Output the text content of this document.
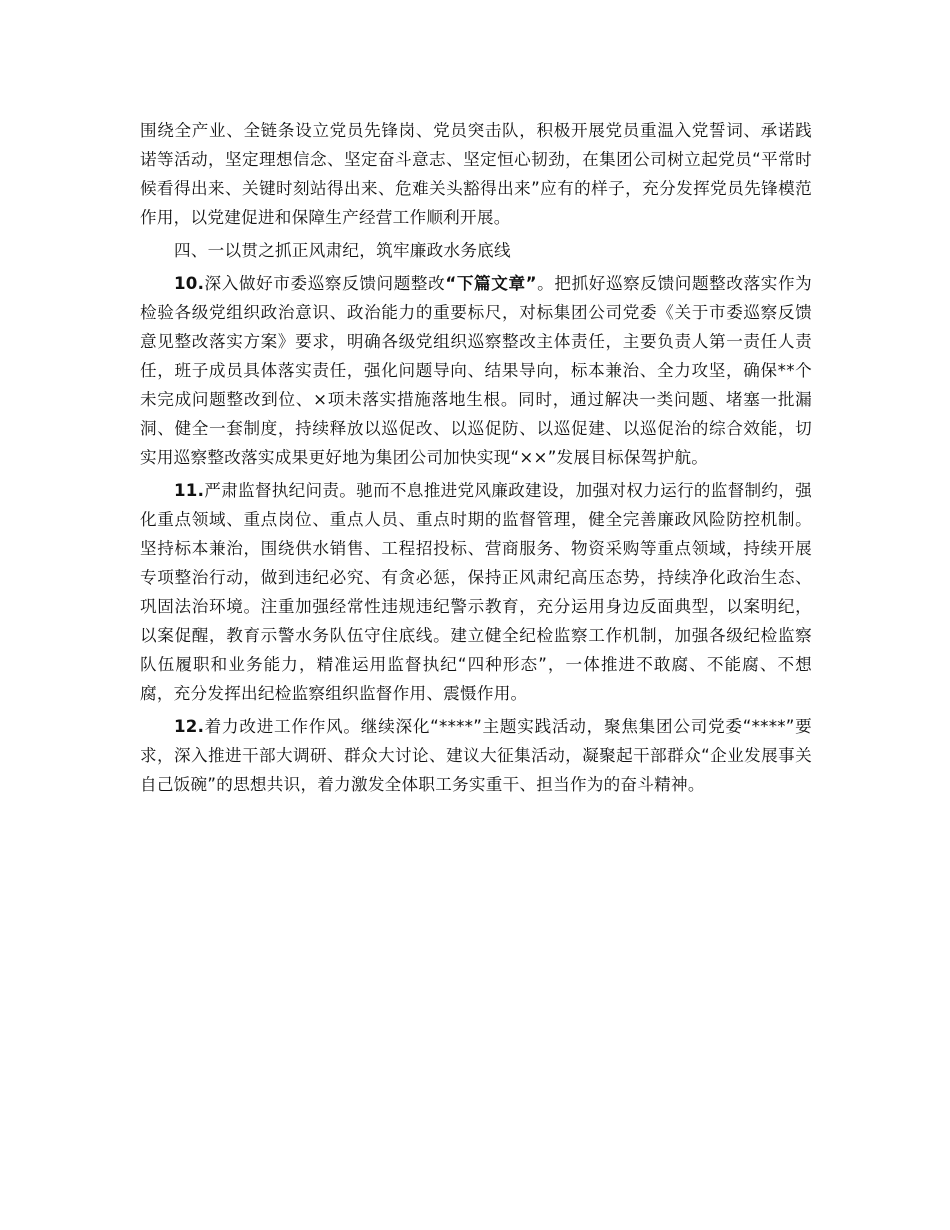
围绕全产业、全链条设立党员先锋岗、党员突击队，积极开展党员重温入党誓词、承诺践诺等活动，坚定理想信念、坚定奋斗意志、坚定恒心韧劲，在集团公司树立起党员“平常时候看得出来、关键时刻站得出来、危难关头豁得出来”应有的样子，充分发挥党员先锋模范作用，以党建促进和保障生产经营工作顺利开展。

四、一以贯之抓正风肃纪，筑牢廉政水务底线

10.深入做好市委巡察反馈问题整改“下篇文章”。把抓好巡察反馈问题整改落实作为检验各级党组织政治意识、政治能力的重要标尺，对标集团公司党委《关于市委巡察反馈意见整改落实方案》要求，明确各级党组织巡察整改主体责任，主要负责人第一责任人责任，班子成员具体落实责任，强化问题导向、结果导向，标本兼治、全力攻坚，确保**个未完成问题整改到位、×项未落实措施落地生根。同时，通过解决一类问题、堵塞一批漏洞、健全一套制度，持续释放以巡促改、以巡促防、以巡促建、以巡促治的综合效能，切实用巡察整改落实成果更好地为集团公司加快实现“××”发展目标保驾护航。

11.严肃监督执纪问责。驰而不息推进党风廉政建设，加强对权力运行的监督制约，强化重点领域、重点岗位、重点人员、重点时期的监督管理，健全完善廉政风险防控机制。坚持标本兼治，围绕供水销售、工程招投标、营商服务、物资采购等重点领域，持续开展专项整治行动，做到违纪必究、有贪必惩，保持正风肃纪高压态势，持续净化政治生态、巩固法治环境。注重加强经常性违规违纪警示教育，充分运用身边反面典型，以案明纪，以案促醒，教育示警水务队伍守住底线。建立健全纪检监察工作机制，加强各级纪检监察队伍履职和业务能力，精准运用监督执纪“四种形态”，一体推进不敢腐、不能腐、不想腐，充分发挥出纪检监察组织监督作用、震慑作用。

12.着力改进工作作风。继续深化“****”主题实践活动，聚焦集团公司党委“****”要求，深入推进干部大调研、群众大讨论、建议大征集活动，凝聚起干部群众“企业发展事关自己饭碗”的思想共识，着力激发全体职工务实重干、担当作为的奋斗精神。
